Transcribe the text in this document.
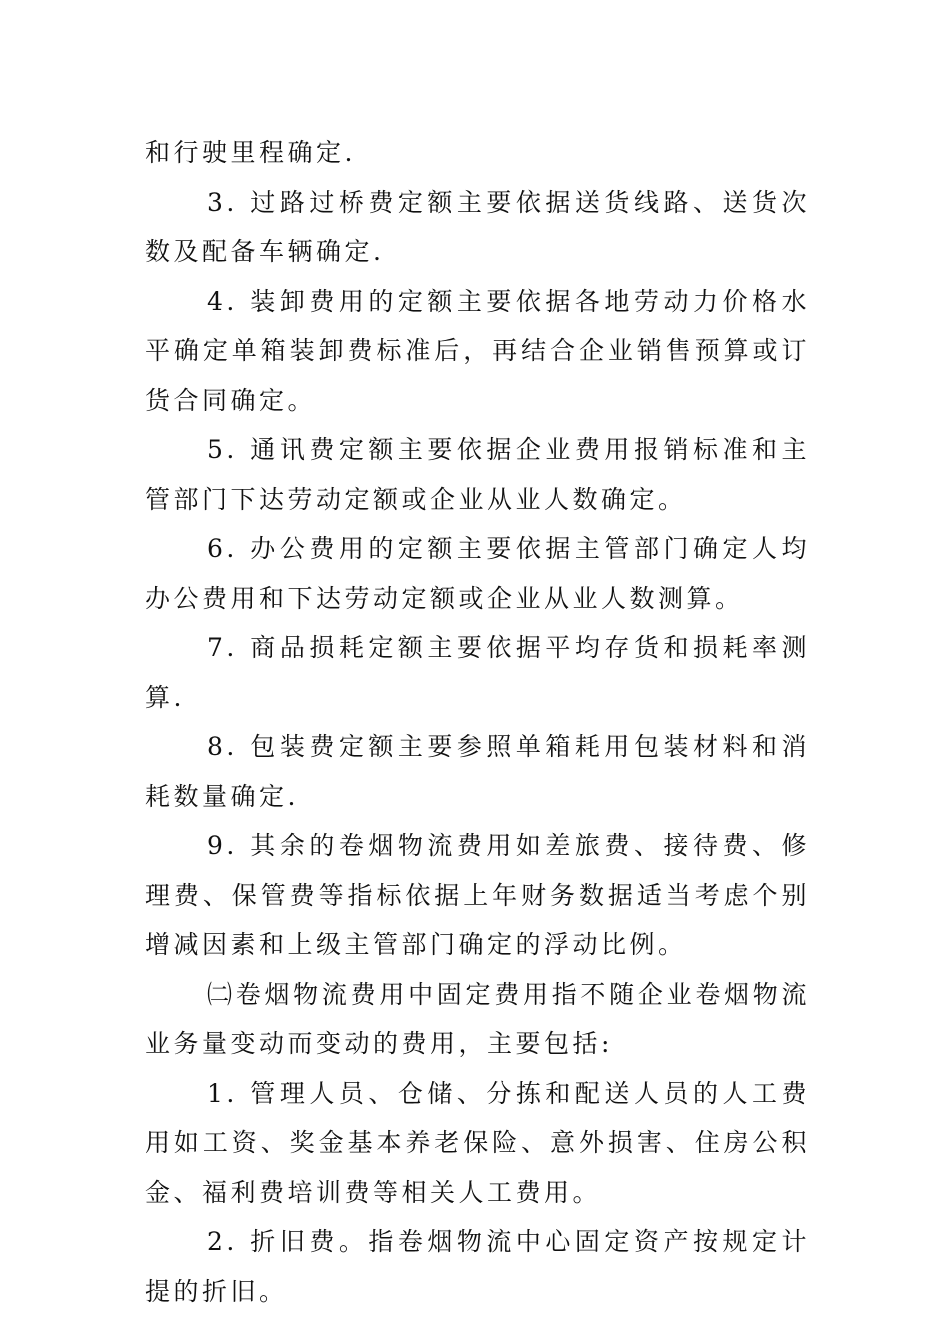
和行驶里程确定.

3. 过路过桥费定额主要依据送货线路、送货次数及配备车辆确定.

4. 装卸费用的定额主要依据各地劳动力价格水平确定单箱装卸费标准后，再结合企业销售预算或订货合同确定。

5. 通讯费定额主要依据企业费用报销标准和主管部门下达劳动定额或企业从业人数确定。

6. 办公费用的定额主要依据主管部门确定人均办公费用和下达劳动定额或企业从业人数测算。

7. 商品损耗定额主要依据平均存货和损耗率测算.

8. 包装费定额主要参照单箱耗用包装材料和消耗数量确定.

9. 其余的卷烟物流费用如差旅费、接待费、修理费、保管费等指标依据上年财务数据适当考虑个别增减因素和上级主管部门确定的浮动比例。

㈡卷烟物流费用中固定费用指不随企业卷烟物流业务量变动而变动的费用，主要包括:

1. 管理人员、仓储、分拣和配送人员的人工费用如工资、奖金基本养老保险、意外损害、住房公积金、福利费培训费等相关人工费用。

2. 折旧费。指卷烟物流中心固定资产按规定计提的折旧。
